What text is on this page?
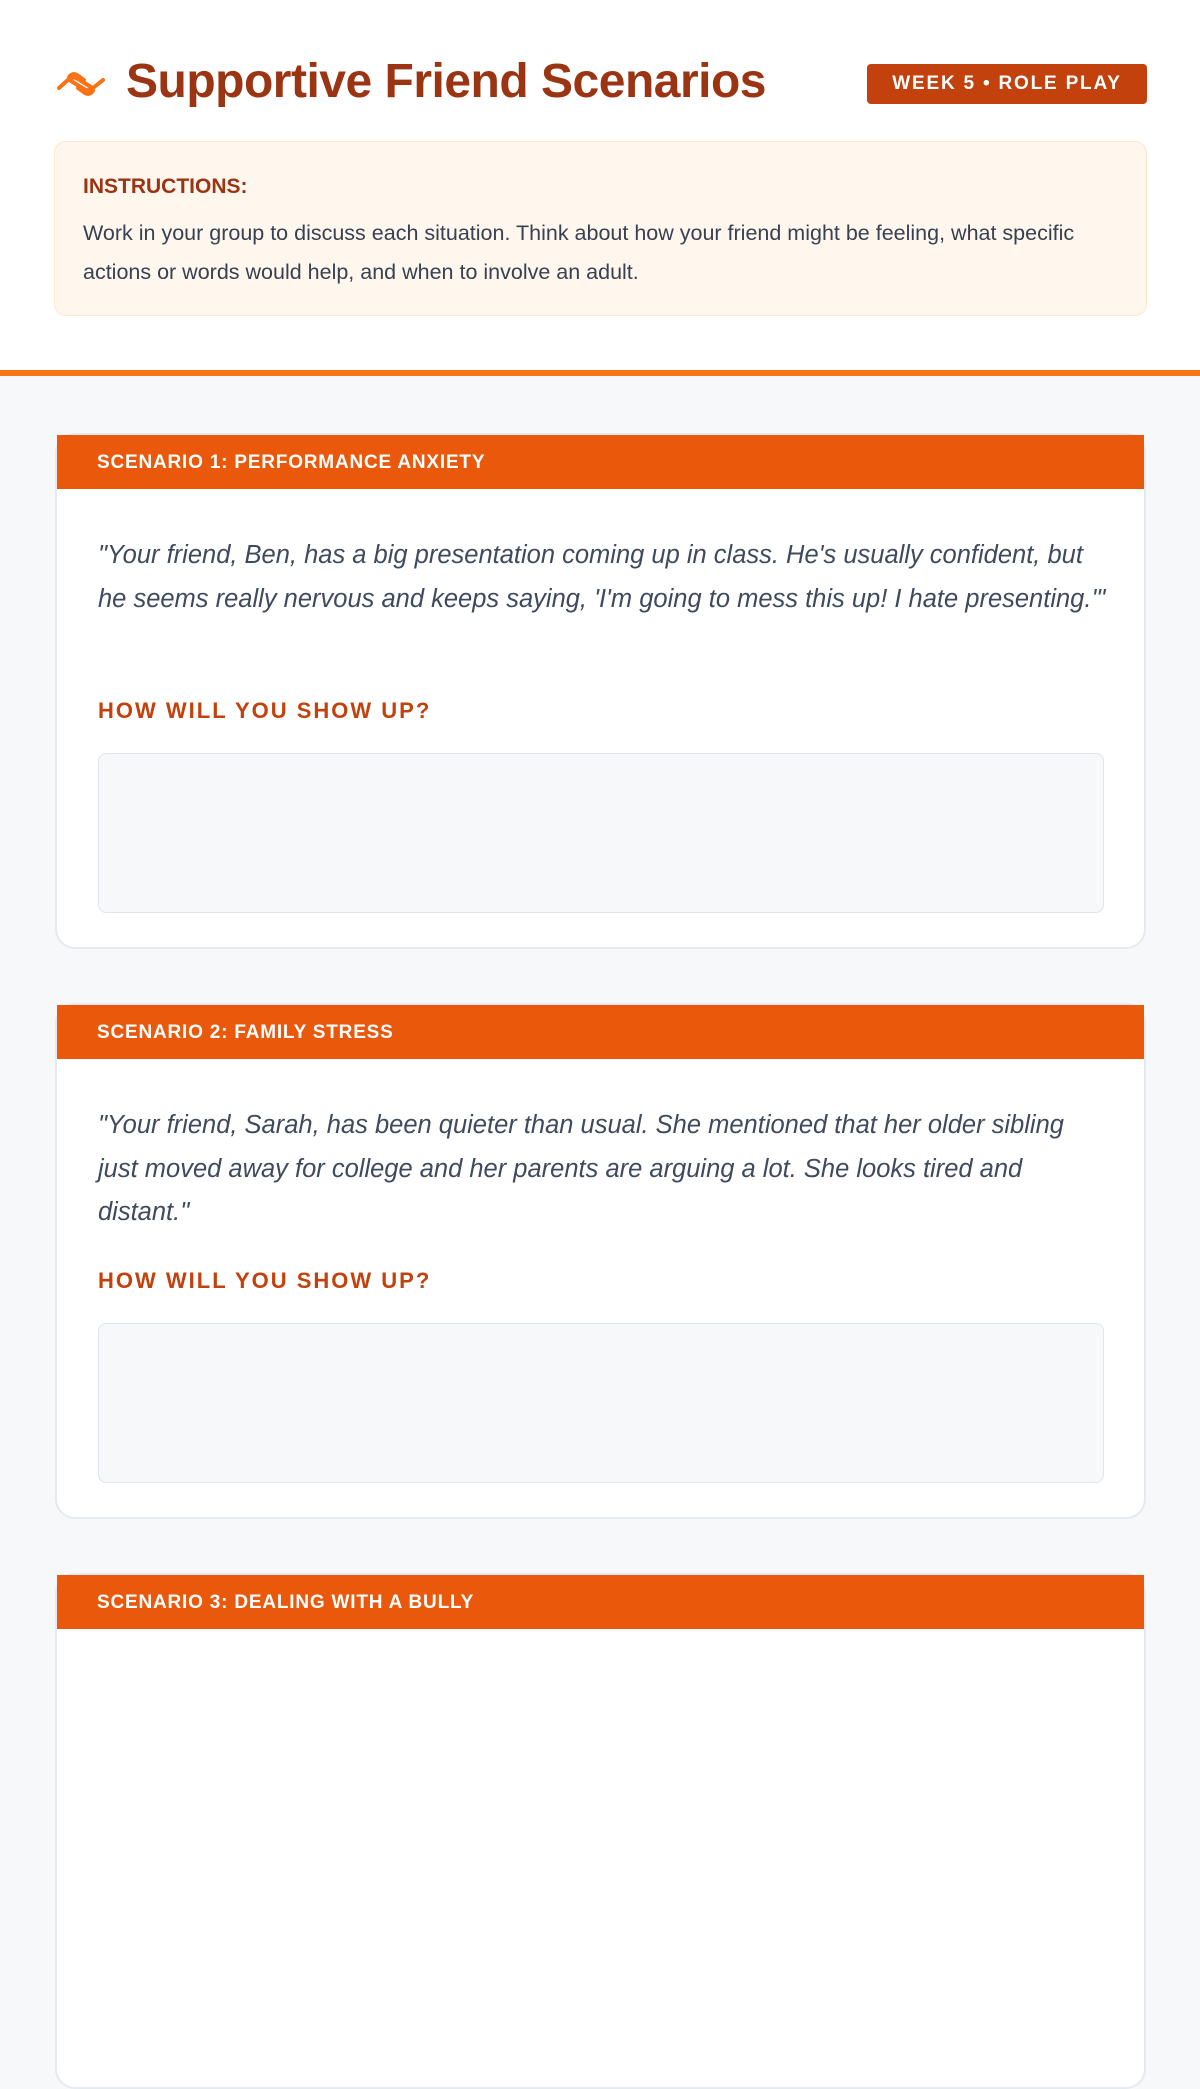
Supportive Friend Scenarios	WEEK 5 • ROLE PLAY
INSTRUCTIONS:

Work in your group to discuss each situation. Think about how your friend might be feeling, what specific actions or words would help, and when to involve an adult.

SCENARIO 1: PERFORMANCE ANXIETY

"Your friend, Ben, has a big presentation coming up in class. He's usually confident, but he seems really nervous and keeps saying, 'I'm going to mess this up! I hate presenting.'"

HOW WILL YOU SHOW UP?
SCENARIO 2: FAMILY STRESS

"Your friend, Sarah, has been quieter than usual. She mentioned that her older sibling just moved away for college and her parents are arguing a lot. She looks tired and distant."

HOW WILL YOU SHOW UP?
SCENARIO 3: DEALING WITH A BULLY
